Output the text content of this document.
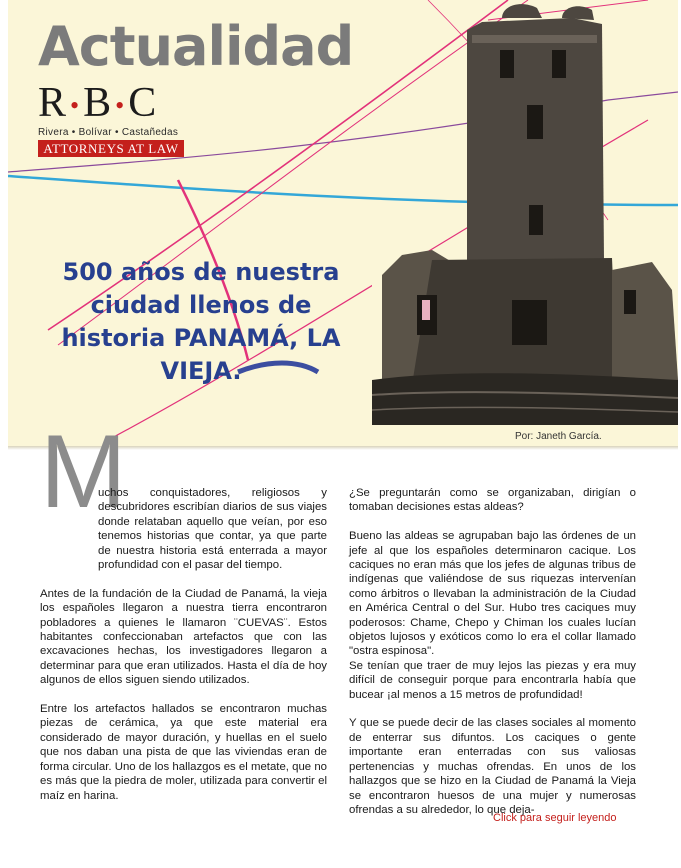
Actualidad
R •B •C
Rivera • Bolívar • Castañedas
ATTORNEYS AT LAW
500 años de nuestra ciudad llenos de historia PANAMÁ, LA VIEJA.
Por: Janeth García.
M

uchos conquistadores, religiosos y descubridores escribían diarios de sus viajes donde relataban aquello que veían, por eso tenemos historias que contar, ya que parte de nuestra historia está enterrada a mayor profundidad con el pasar del tiempo.

Antes de la fundación de la Ciudad de Panamá, la vieja los españoles llegaron a nuestra tierra encontraron pobladores a quienes le llamaron ¨CUEVAS¨. Estos habitantes confeccionaban artefactos que con las excavaciones hechas, los investigadores llegaron a determinar para que eran utilizados. Hasta el día de hoy algunos de ellos siguen siendo utilizados.

Entre los artefactos hallados se encontraron muchas piezas de cerámica, ya que este material era considerado de mayor duración, y huellas en el suelo que nos daban una pista de que las viviendas eran de forma circular. Uno de los hallazgos es el metate, que no es más que la piedra de moler, utilizada para convertir el maíz en harina.

¿Se preguntarán como se organizaban, dirigían o tomaban decisiones estas aldeas?

Bueno las aldeas se agrupaban bajo las órdenes de un jefe al que los españoles determinaron cacique. Los caciques no eran más que los jefes de algunas tribus de indígenas que valiéndose de sus riquezas intervenían como árbitros o llevaban la administración de la Ciudad en América Central o del Sur. Hubo tres caciques muy poderosos: Chame, Chepo y Chiman los cuales lucían objetos lujosos y exóticos como lo era el collar llamado "ostra espinosa".

Se tenían que traer de muy lejos las piezas y era muy difícil de conseguir porque para encontrarla había que bucear ¡al menos a 15 metros de profundidad!

Y que se puede decir de las clases sociales al momento de enterrar sus difuntos. Los caciques o gente importante eran enterradas con sus valiosas pertenencias y muchas ofrendas. En unos de los hallazgos que se hizo en la Ciudad de Panamá la Vieja se encontraron huesos de una mujer y numerosas ofrendas a su alrededor, lo que deja-

Click para seguir leyendo
